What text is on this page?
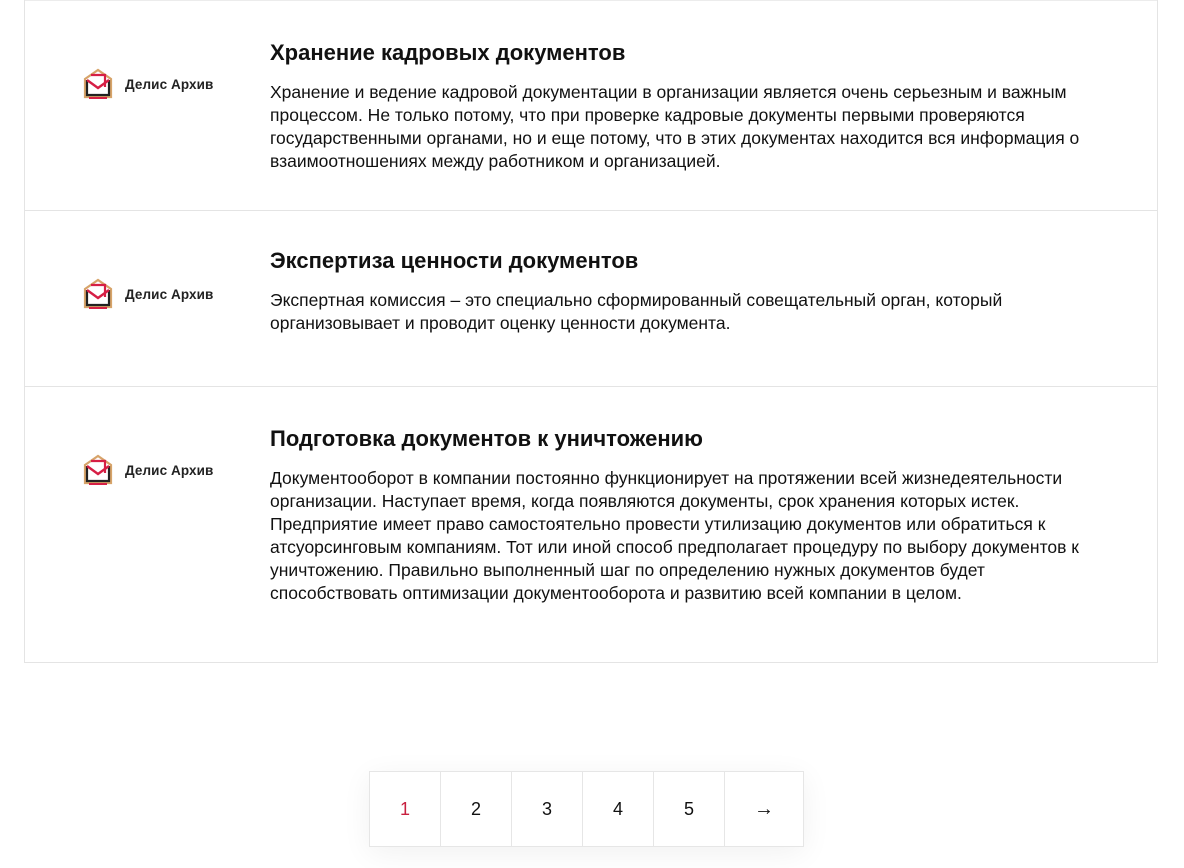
Делис Архив
Хранение кадровых документов

Хранение и ведение кадровой документации в организации является очень серьезным и важным процессом. Не только потому, что при проверке кадровые документы первыми проверяются государственными органами, но и еще потому, что в этих документах находится вся информация о взаимоотношениях между работником и организацией.

Делис Архив
Экспертиза ценности документов

Экспертная комиссия – это специально сформированный совещательный орган, который организовывает и проводит оценку ценности документа.

Делис Архив
Подготовка документов к уничтожению

Документооборот в компании постоянно функционирует на протяжении всей жизнедеятельности организации. Наступает время, когда появляются документы, срок хранения которых истек. Предприятие имеет право самостоятельно провести утилизацию документов или обратиться к атсуорсинговым компаниям. Тот или иной способ предполагает процедуру по выбору документов к уничтожению. Правильно выполненный шаг по определению нужных документов будет способствовать оптимизации документооборота и развитию всей компании в целом.

1	2	3	4	5	→
